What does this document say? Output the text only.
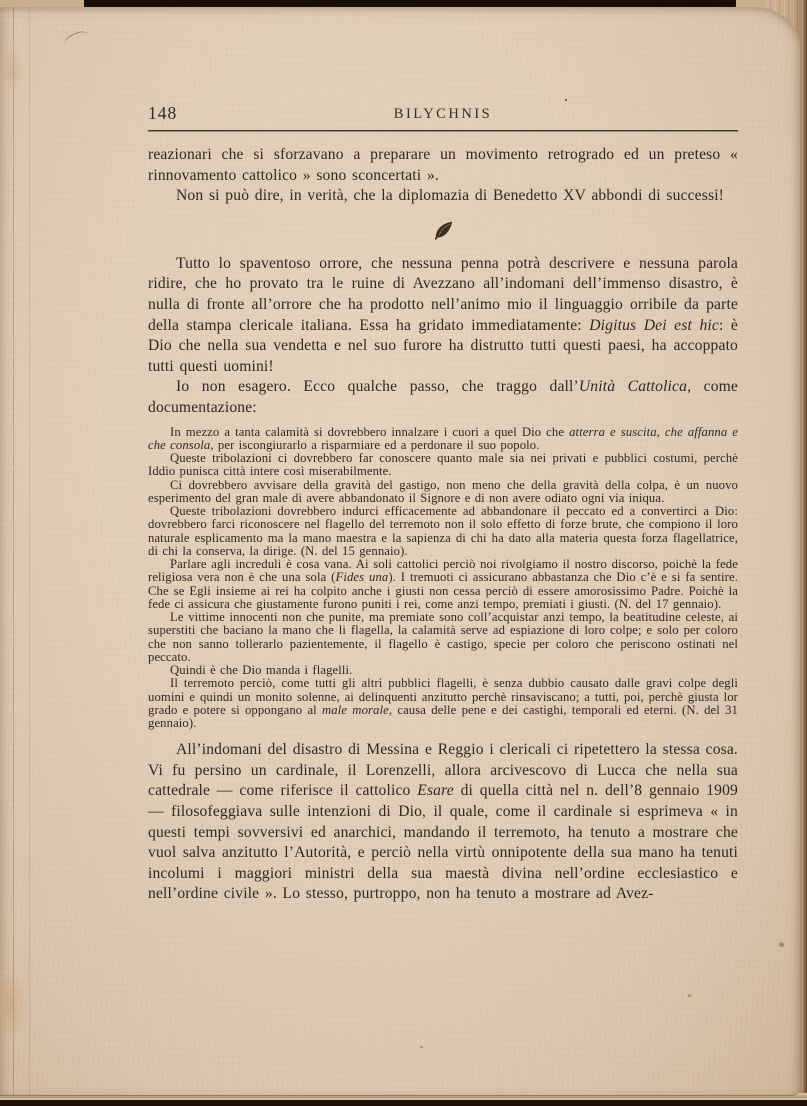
148	BILYCHNIS

reazionari che si sforzavano a preparare un movimento retrogrado ed un preteso « rinnovamento cattolico » sono sconcertati ».

Non si può dire, in verità, che la diplomazia di Benedetto XV abbondi di successi!

Tutto lo spaventoso orrore, che nessuna penna potrà descrivere e nessuna parola ridire, che ho provato tra le ruine di Avezzano all’indomani dell’immenso disastro, è nulla di fronte all’orrore che ha prodotto nell’animo mio il linguaggio orribile da parte della stampa clericale italiana. Essa ha gridato immediatamente: Digitus Dei est hic: è Dio che nella sua vendetta e nel suo furore ha distrutto tutti questi paesi, ha accoppato tutti questi uomini!

Io non esagero. Ecco qualche passo, che traggo dall’Unità Cattolica, come documentazione:

In mezzo a tanta calamità si dovrebbero innalzare i cuori a quel Dio che atterra e suscita, che affanna e che consola, per iscongiurarlo a risparmiare ed a perdonare il suo popolo.

Queste tribolazioni ci dovrebbero far conoscere quanto male sia nei privati e pubblici costumi, perchè Iddio punisca città intere così miserabilmente.

Ci dovrebbero avvisare della gravità del gastigo, non meno che della gravità della colpa, è un nuovo esperimento del gran male di avere abbandonato il Signore e di non avere odiato ogni via iniqua.

Queste tribolazioni dovrebbero indurci efficacemente ad abbandonare il peccato ed a convertirci a Dio: dovrebbero farci riconoscere nel flagello del terremoto non il solo effetto di forze brute, che compiono il loro naturale esplicamento ma la mano maestra e la sapienza di chi ha dato alla materia questa forza flagellatrice, di chi la conserva, la dirige. (N. del 15 gennaio).

Parlare agli increduli è cosa vana. Ai soli cattolici perciò noi rivolgiamo il nostro discorso, poichè la fede religiosa vera non è che una sola (Fides una). I tremuoti ci assicurano abbastanza che Dio c’è e si fa sentire. Che se Egli insieme ai rei ha colpito anche i giusti non cessa perciò di essere amorosissimo Padre. Poichè la fede ci assicura che giustamente furono puniti i rei, come anzi tempo, premiati i giusti. (N. del 17 gennaio).

Le vittime innocenti non che punite, ma premiate sono coll’acquistar anzi tempo, la beatitudine celeste, ai superstiti che baciano la mano che li flagella, la calamità serve ad espiazione di loro colpe; e solo per coloro che non sanno tollerarlo pazientemente, il flagello è castigo, specie per coloro che periscono ostinati nel peccato.

Quindi è che Dio manda i flagelli.

Il terremoto perciò, come tutti gli altri pubblici flagelli, è senza dubbio causato dalle gravi colpe degli uomini e quindi un monito solenne, ai delinquenti anzitutto perchè rinsaviscano; a tutti, poi, perchè giusta lor grado e potere si oppongano al male morale, causa delle pene e dei castighi, temporali ed eterni. (N. del 31 gennaio).

All’indomani del disastro di Messina e Reggio i clericali ci ripetettero la stessa cosa. Vi fu persino un cardinale, il Lorenzelli, allora arcivescovo di Lucca che nella sua cattedrale — come riferisce il cattolico Esare di quella città nel n. dell’8 gennaio 1909 — filosofeggiava sulle intenzioni di Dio, il quale, come il cardinale si esprimeva « in questi tempi sovversivi ed anarchici, mandando il terremoto, ha tenuto a mostrare che vuol salva anzitutto l’Autorità, e perciò nella virtù onnipotente della sua mano ha tenuti incolumi i maggiori ministri della sua maestà divina nell’ordine ecclesiastico e nell’ordine civile ». Lo stesso, purtroppo, non ha tenuto a mostrare ad Avez-
